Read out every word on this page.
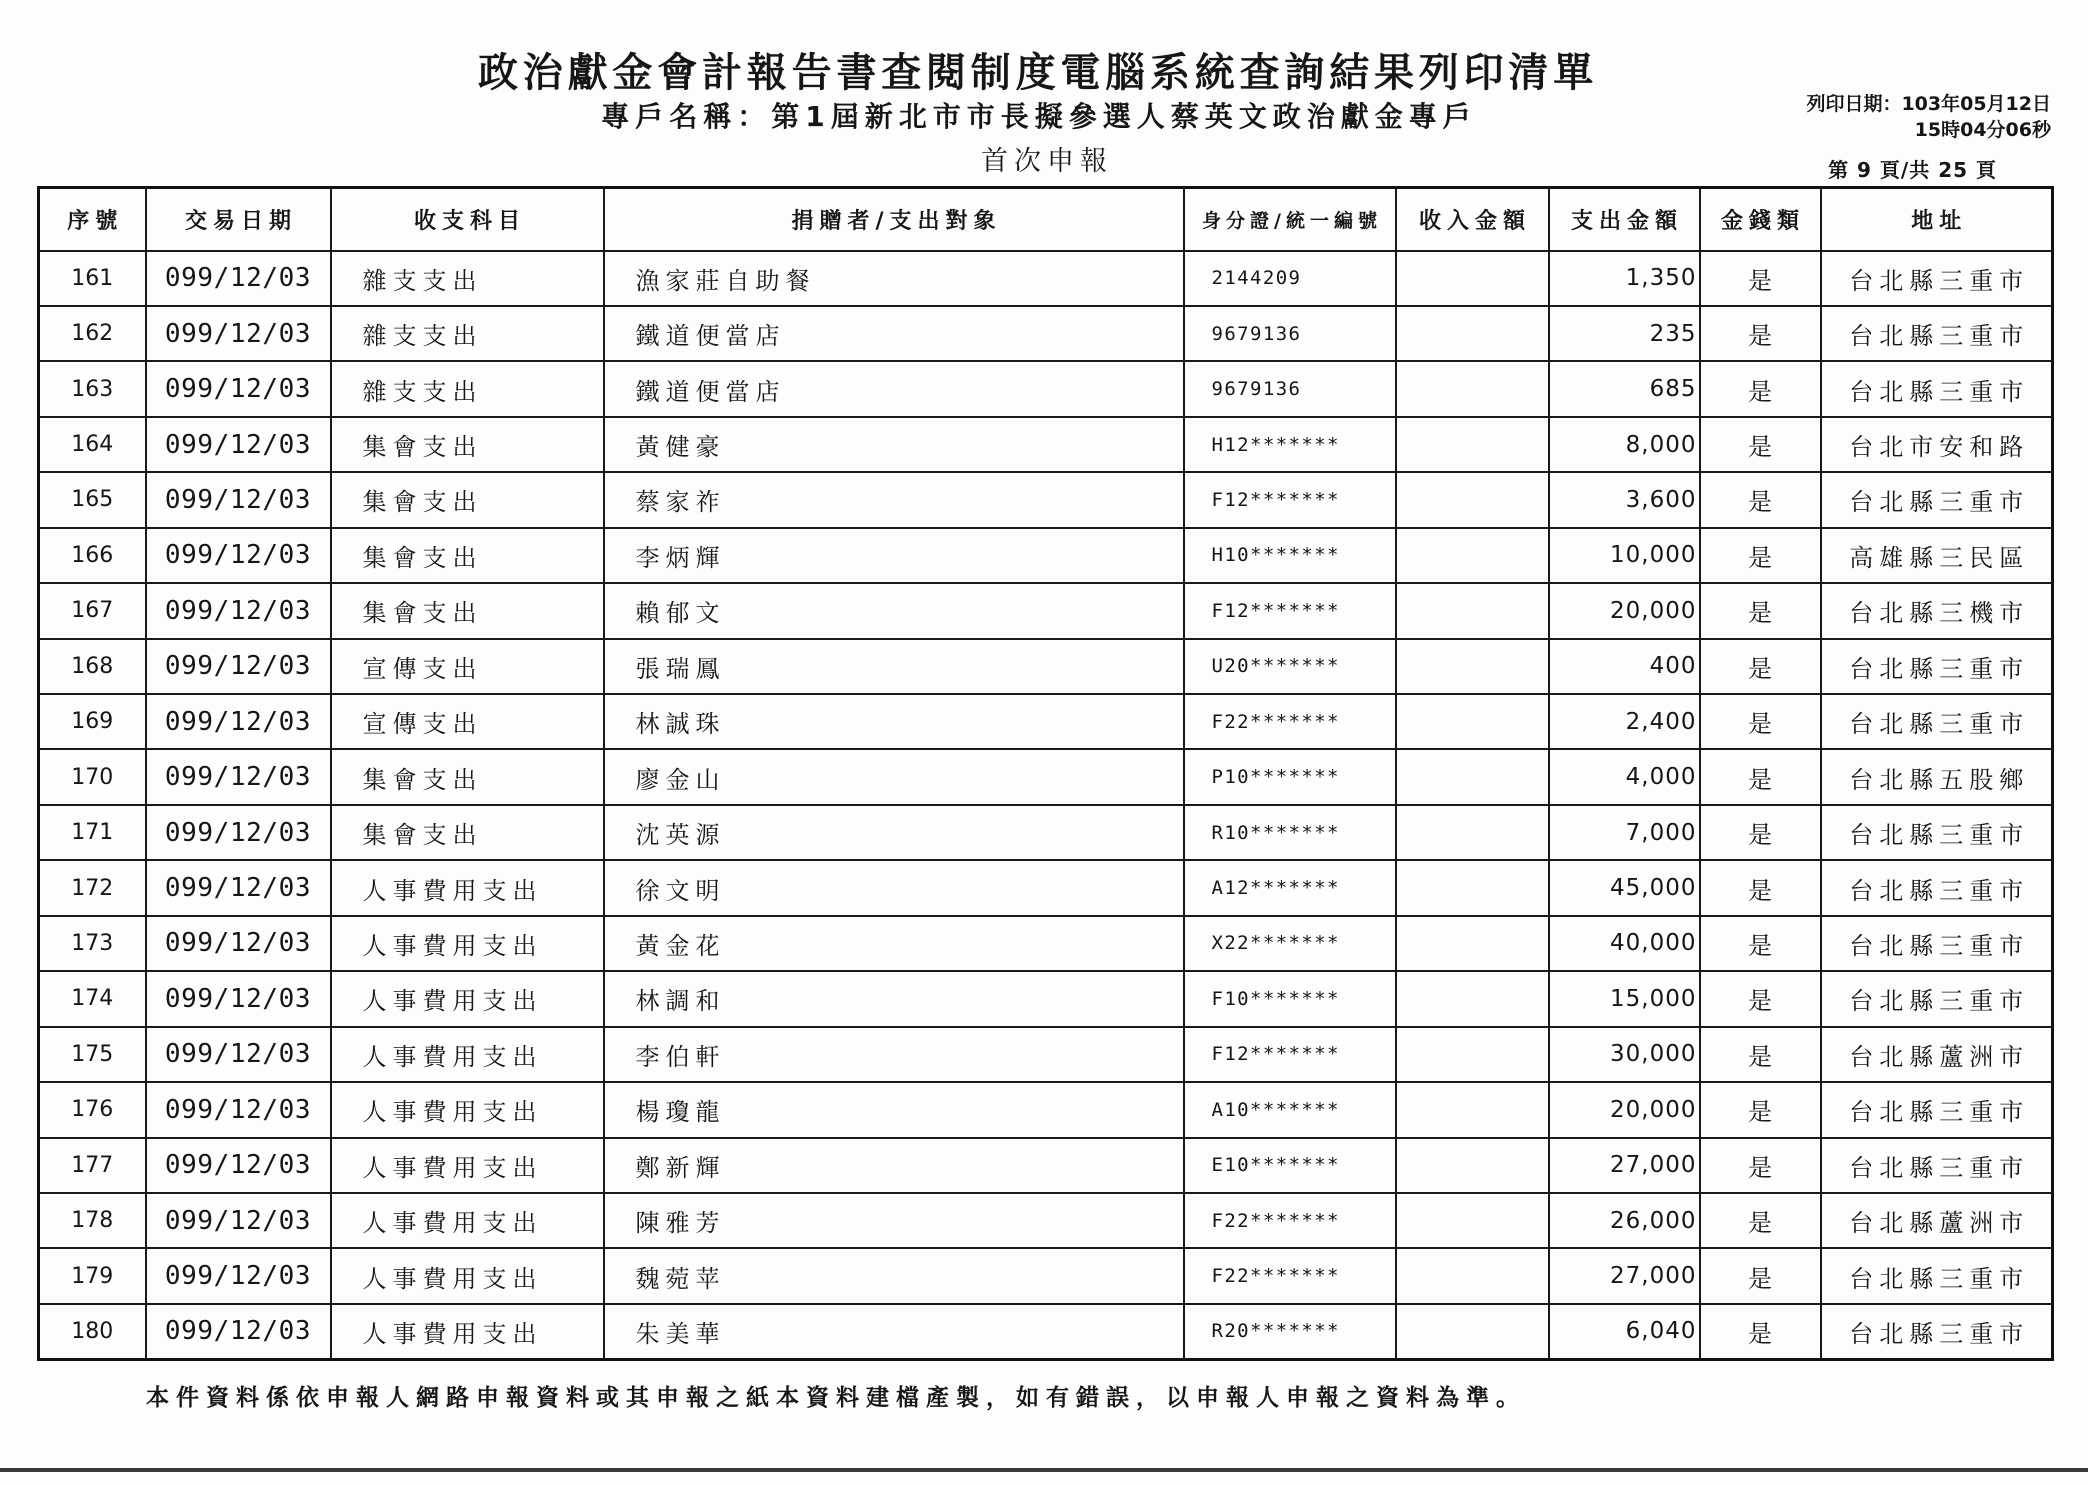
政治獻金會計報告書查閱制度電腦系統查詢結果列印清單
專戶名稱：第1屆新北市市長擬參選人蔡英文政治獻金專戶
首次申報
列印日期：103年05月12日
15時04分06秒
第 9 頁/共 25 頁
序號	交易日期	收支科目	捐贈者/支出對象	身分證/統一編號	收入金額	支出金額	金錢類	地址
161	099/12/03	雜支支出	漁家莊自助餐	2144209		1,350	是	台北縣三重市
162	099/12/03	雜支支出	鐵道便當店	9679136		235	是	台北縣三重市
163	099/12/03	雜支支出	鐵道便當店	9679136		685	是	台北縣三重市
164	099/12/03	集會支出	黃健豪	H12*******		8,000	是	台北市安和路
165	099/12/03	集會支出	蔡家祚	F12*******		3,600	是	台北縣三重市
166	099/12/03	集會支出	李炳輝	H10*******		10,000	是	高雄縣三民區
167	099/12/03	集會支出	賴郁文	F12*******		20,000	是	台北縣三機市
168	099/12/03	宣傳支出	張瑞鳳	U20*******		400	是	台北縣三重市
169	099/12/03	宣傳支出	林誠珠	F22*******		2,400	是	台北縣三重市
170	099/12/03	集會支出	廖金山	P10*******		4,000	是	台北縣五股鄉
171	099/12/03	集會支出	沈英源	R10*******		7,000	是	台北縣三重市
172	099/12/03	人事費用支出	徐文明	A12*******		45,000	是	台北縣三重市
173	099/12/03	人事費用支出	黃金花	X22*******		40,000	是	台北縣三重市
174	099/12/03	人事費用支出	林調和	F10*******		15,000	是	台北縣三重市
175	099/12/03	人事費用支出	李伯軒	F12*******		30,000	是	台北縣蘆洲市
176	099/12/03	人事費用支出	楊瓊龍	A10*******		20,000	是	台北縣三重市
177	099/12/03	人事費用支出	鄭新輝	E10*******		27,000	是	台北縣三重市
178	099/12/03	人事費用支出	陳雅芳	F22*******		26,000	是	台北縣蘆洲市
179	099/12/03	人事費用支出	魏菀苹	F22*******		27,000	是	台北縣三重市
180	099/12/03	人事費用支出	朱美華	R20*******		6,040	是	台北縣三重市
本件資料係依申報人網路申報資料或其申報之紙本資料建檔產製，如有錯誤，以申報人申報之資料為準。
